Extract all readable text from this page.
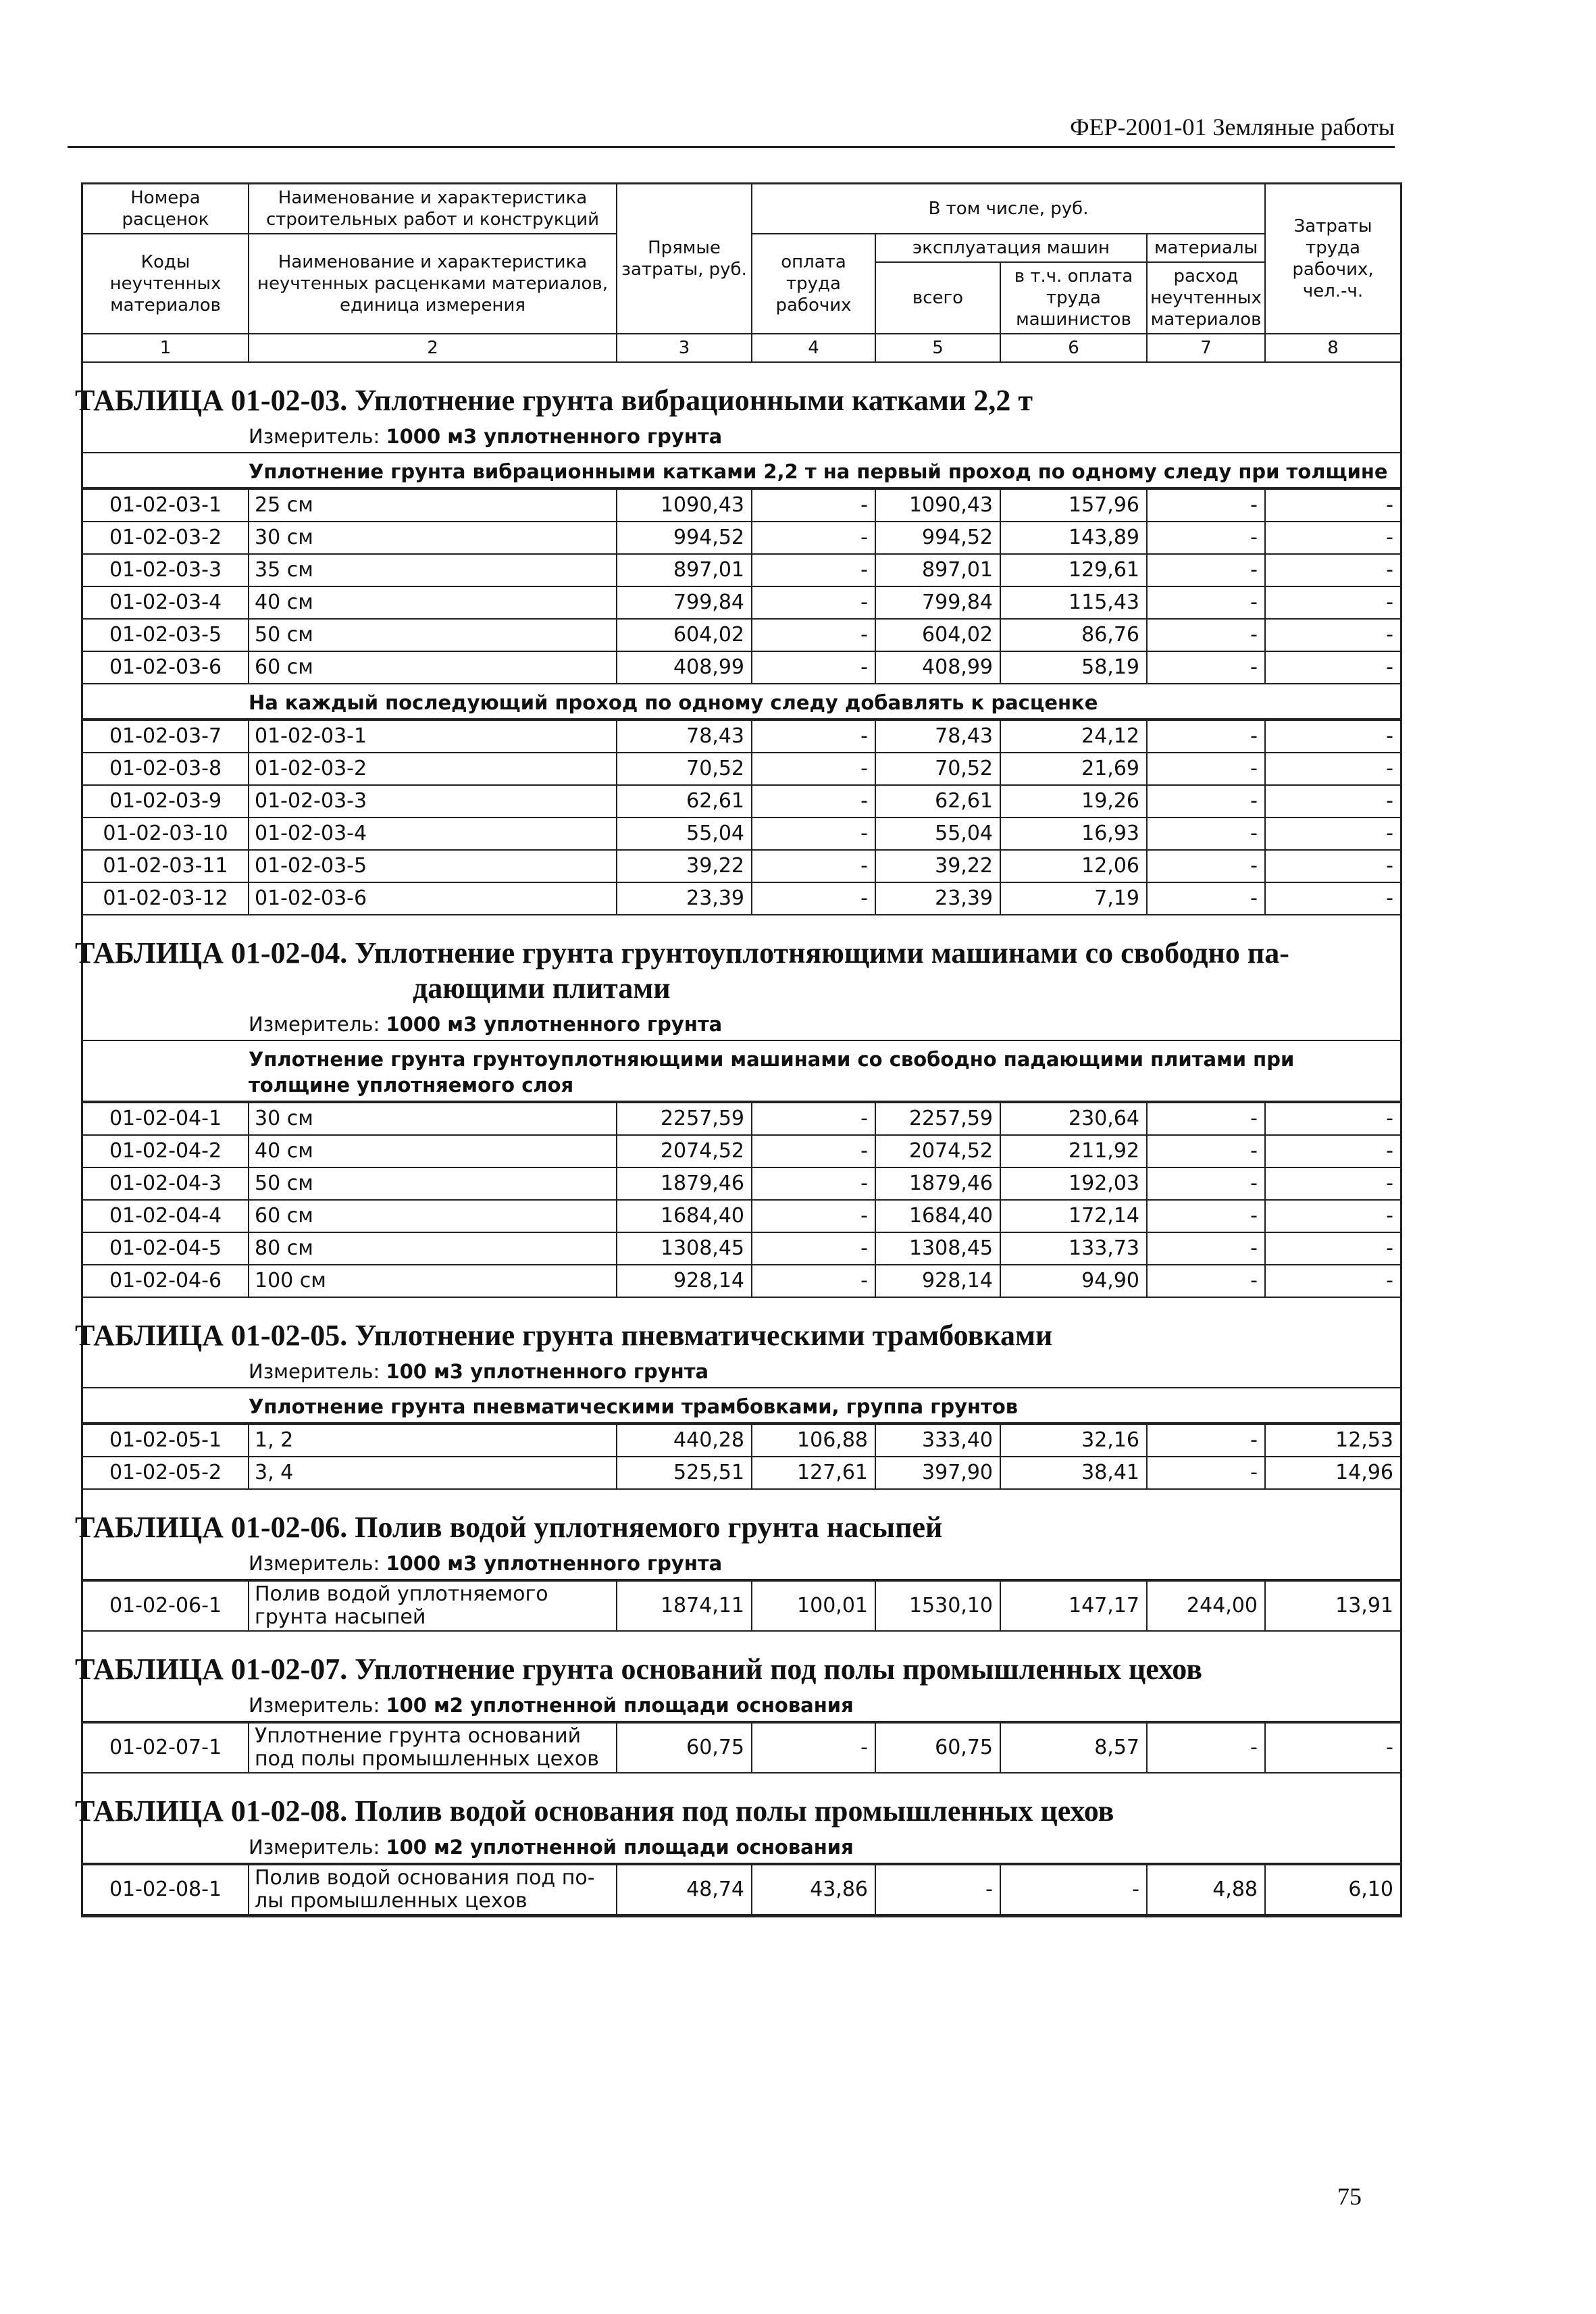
ФЕР-2001-01 Земляные работы
Номера расценок	Наименование и характеристика строительных работ и конструкций	Прямые затраты, руб.	В том числе, руб.				Затраты труда рабочих, чел.-ч.
Коды неучтенных материалов	Наименование и характеристика неучтенных расценками материалов, единица измерения		оплата труда рабочих	эксплуатация машин		материалы	
				всего	в т.ч. оплата труда машинистов	расход неучтенных материалов	
1	2	3	4	5	6	7	8
ТАБЛИЦА 01-02-03. Уплотнение грунта вибрационными катками 2,2 т
Измеритель: 1000 м3 уплотненного грунта
Уплотнение грунта вибрационными катками 2,2 т на первый проход по одному следу при толщине
01-02-03-1	25 см	1090,43	-	1090,43	157,96	-	-
01-02-03-2	30 см	994,52	-	994,52	143,89	-	-
01-02-03-3	35 см	897,01	-	897,01	129,61	-	-
01-02-03-4	40 см	799,84	-	799,84	115,43	-	-
01-02-03-5	50 см	604,02	-	604,02	86,76	-	-
01-02-03-6	60 см	408,99	-	408,99	58,19	-	-
На каждый последующий проход по одному следу добавлять к расценке
01-02-03-7	01-02-03-1	78,43	-	78,43	24,12	-	-
01-02-03-8	01-02-03-2	70,52	-	70,52	21,69	-	-
01-02-03-9	01-02-03-3	62,61	-	62,61	19,26	-	-
01-02-03-10	01-02-03-4	55,04	-	55,04	16,93	-	-
01-02-03-11	01-02-03-5	39,22	-	39,22	12,06	-	-
01-02-03-12	01-02-03-6	23,39	-	23,39	7,19	-	-
ТАБЛИЦА 01-02-04. Уплотнение грунта грунтоуплотняющими машинами со свободно па-
дающими плитами
Измеритель: 1000 м3 уплотненного грунта
Уплотнение грунта грунтоуплотняющими машинами со свободно падающими плитами при толщине уплотняемого слоя
01-02-04-1	30 см	2257,59	-	2257,59	230,64	-	-
01-02-04-2	40 см	2074,52	-	2074,52	211,92	-	-
01-02-04-3	50 см	1879,46	-	1879,46	192,03	-	-
01-02-04-4	60 см	1684,40	-	1684,40	172,14	-	-
01-02-04-5	80 см	1308,45	-	1308,45	133,73	-	-
01-02-04-6	100 см	928,14	-	928,14	94,90	-	-
ТАБЛИЦА 01-02-05. Уплотнение грунта пневматическими трамбовками
Измеритель: 100 м3 уплотненного грунта
Уплотнение грунта пневматическими трамбовками, группа грунтов
01-02-05-1	1, 2	440,28	106,88	333,40	32,16	-	12,53
01-02-05-2	3, 4	525,51	127,61	397,90	38,41	-	14,96
ТАБЛИЦА 01-02-06. Полив водой уплотняемого грунта насыпей
Измеритель: 1000 м3 уплотненного грунта
01-02-06-1	Полив водой уплотняемого грунта насыпей	1874,11	100,01	1530,10	147,17	244,00	13,91
ТАБЛИЦА 01-02-07. Уплотнение грунта оснований под полы промышленных цехов
Измеритель: 100 м2 уплотненной площади основания
01-02-07-1	Уплотнение грунта оснований под полы промышленных цехов	60,75	-	60,75	8,57	-	-
ТАБЛИЦА 01-02-08. Полив водой основания под полы промышленных цехов
Измеритель: 100 м2 уплотненной площади основания
01-02-08-1	Полив водой основания под по-лы промышленных цехов	48,74	43,86	-	-	4,88	6,10
75
